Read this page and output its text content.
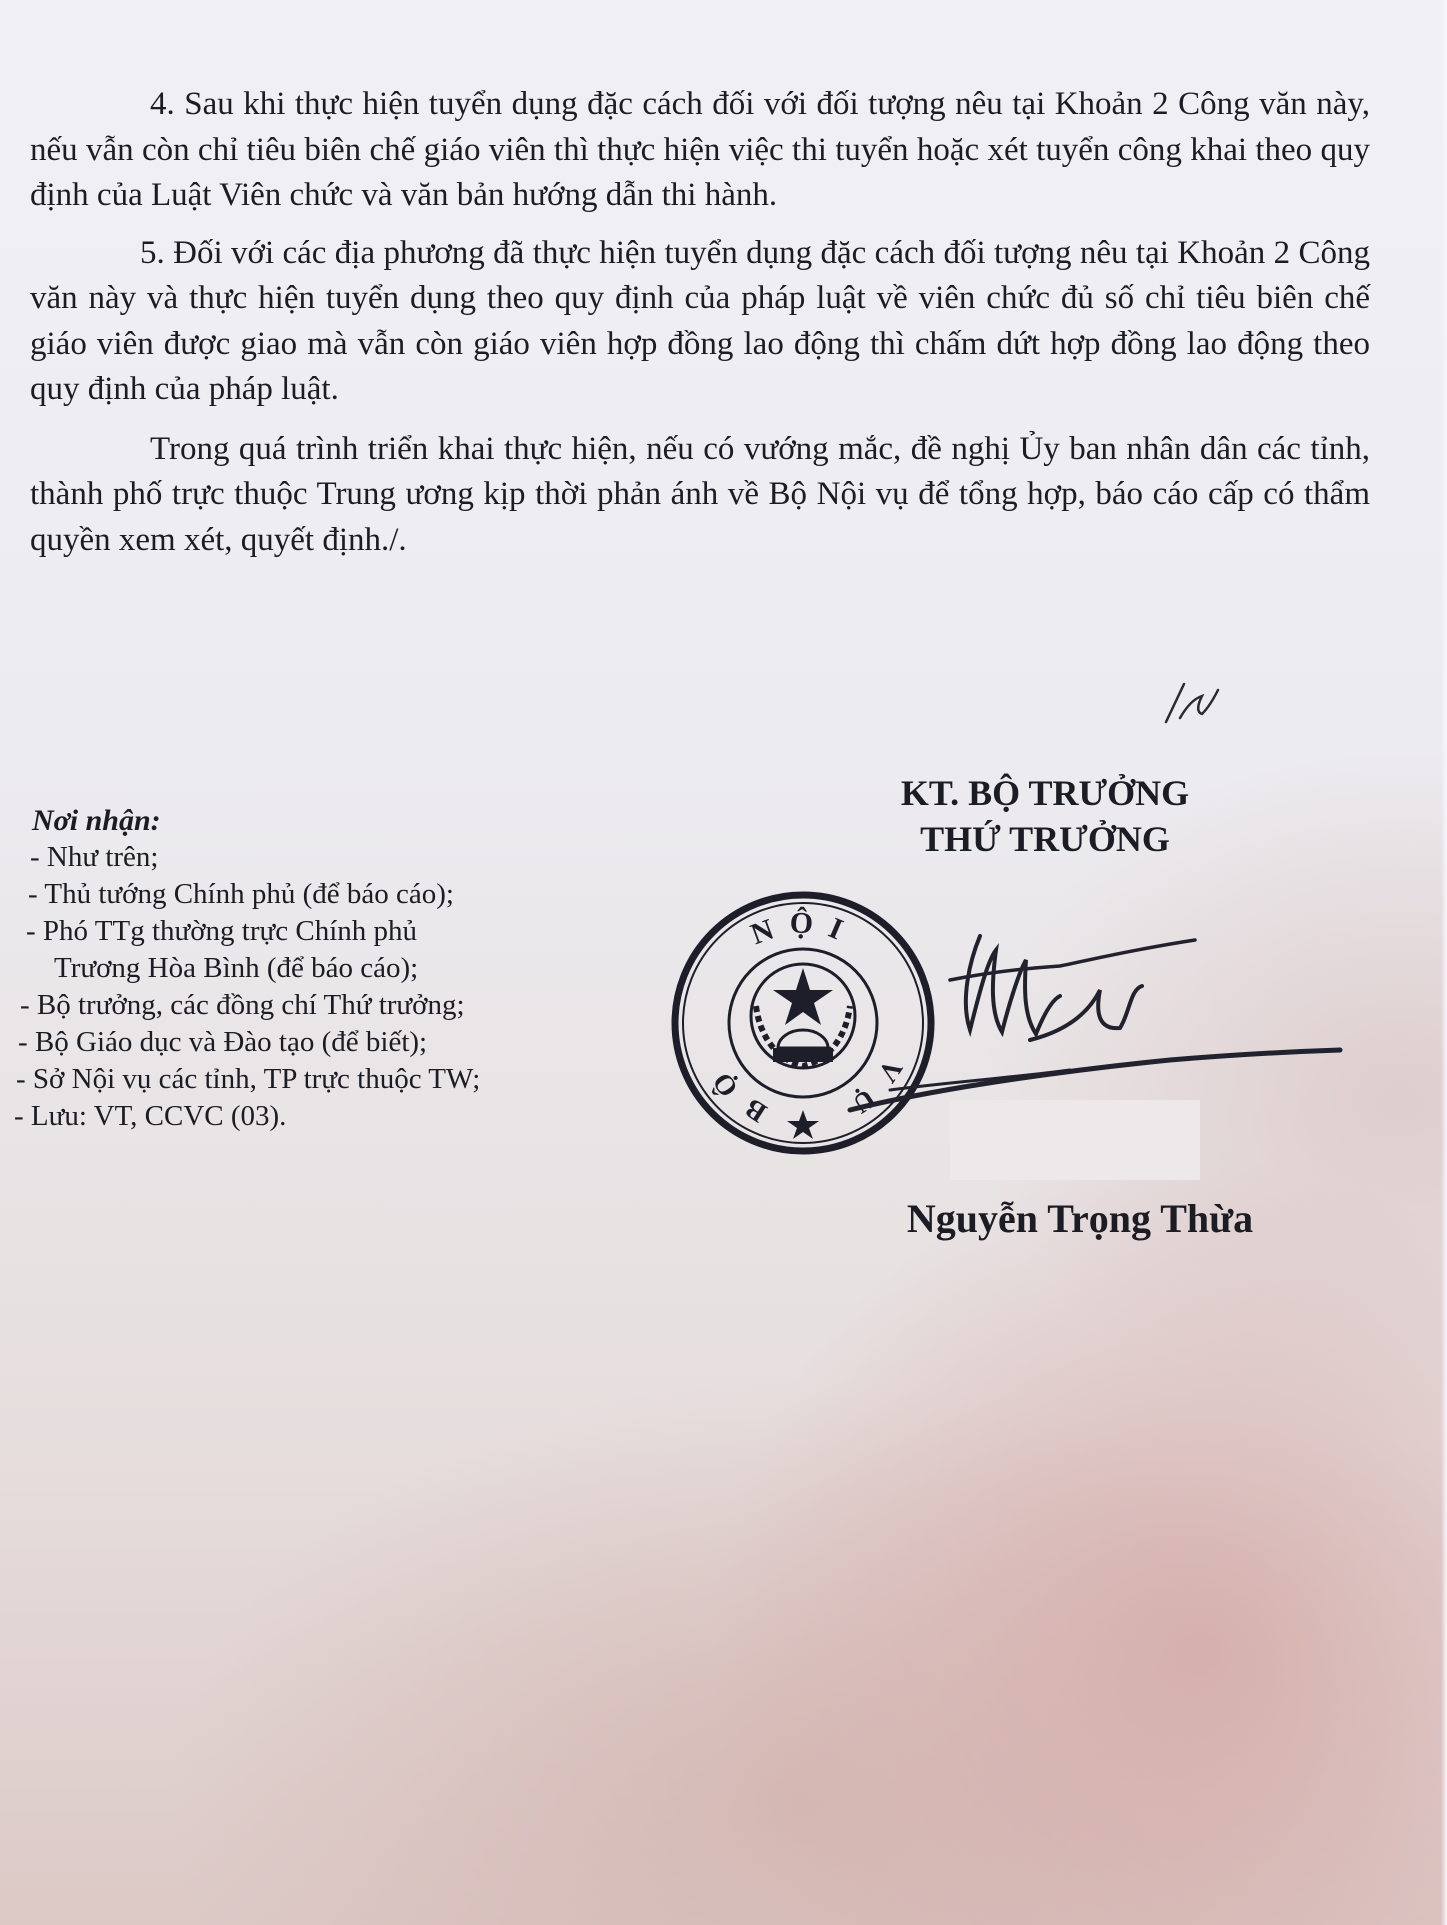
4. Sau khi thực hiện tuyển dụng đặc cách đối với đối tượng nêu tại Khoản 2 Công văn này, nếu vẫn còn chỉ tiêu biên chế giáo viên thì thực hiện việc thi tuyển hoặc xét tuyển công khai theo quy định của Luật Viên chức và văn bản hướng dẫn thi hành.

5. Đối với các địa phương đã thực hiện tuyển dụng đặc cách đối tượng nêu tại Khoản 2 Công văn này và thực hiện tuyển dụng theo quy định của pháp luật về viên chức đủ số chỉ tiêu biên chế giáo viên được giao mà vẫn còn giáo viên hợp đồng lao động thì chấm dứt hợp đồng lao động theo quy định của pháp luật.

Trong quá trình triển khai thực hiện, nếu có vướng mắc, đề nghị Ủy ban nhân dân các tỉnh, thành phố trực thuộc Trung ương kịp thời phản ánh về Bộ Nội vụ để tổng hợp, báo cáo cấp có thẩm quyền xem xét, quyết định./.

Nơi nhận:
- Như trên;
- Thủ tướng Chính phủ (để báo cáo);
- Phó TTg thường trực Chính phủ
Trương Hòa Bình (để báo cáo);
- Bộ trưởng, các đồng chí Thứ trưởng;
- Bộ Giáo dục và Đào tạo (để biết);
- Sở Nội vụ các tỉnh, TP trực thuộc TW;
- Lưu: VT, CCVC (03).
KT. BỘ TRƯỞNG
THỨ TRƯỞNG
NỘI
BỘ	VỤ
Nguyễn Trọng Thừa
